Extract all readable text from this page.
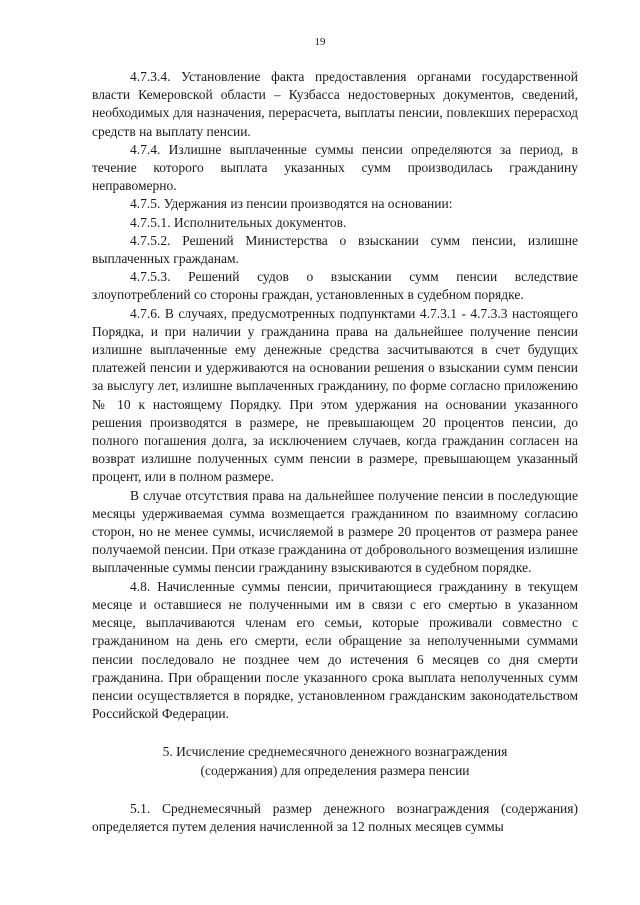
19

4.7.3.4. Установление факта предоставления органами государственной власти Кемеровской области – Кузбасса недостоверных документов, сведений, необходимых для назначения, перерасчета, выплаты пенсии, повлекших перерасход средств на выплату пенсии.

4.7.4. Излишне выплаченные суммы пенсии определяются за период, в течение которого выплата указанных сумм производилась гражданину неправомерно.

4.7.5. Удержания из пенсии производятся на основании:

4.7.5.1. Исполнительных документов.

4.7.5.2. Решений Министерства о взыскании сумм пенсии, излишне выплаченных гражданам.

4.7.5.3. Решений судов о взыскании сумм пенсии вследствие злоупотреблений со стороны граждан, установленных в судебном порядке.

4.7.6. В случаях, предусмотренных подпунктами 4.7.3.1 - 4.7.3.3 настоящего Порядка, и при наличии у гражданина права на дальнейшее получение пенсии излишне выплаченные ему денежные средства засчитываются в счет будущих платежей пенсии и удерживаются на основании решения о взыскании сумм пенсии за выслугу лет, излишне выплаченных гражданину, по форме согласно приложению № 10 к настоящему Порядку. При этом удержания на основании указанного решения производятся в размере, не превышающем 20 процентов пенсии, до полного погашения долга, за исключением случаев, когда гражданин согласен на возврат излишне полученных сумм пенсии в размере, превышающем указанный процент, или в полном размере.

В случае отсутствия права на дальнейшее получение пенсии в последующие месяцы удерживаемая сумма возмещается гражданином по взаимному согласию сторон, но не менее суммы, исчисляемой в размере 20 процентов от размера ранее получаемой пенсии. При отказе гражданина от добровольного возмещения излишне выплаченные суммы пенсии гражданину взыскиваются в судебном порядке.

4.8. Начисленные суммы пенсии, причитающиеся гражданину в текущем месяце и оставшиеся не полученными им в связи с его смертью в указанном месяце, выплачиваются членам его семьи, которые проживали совместно с гражданином на день его смерти, если обращение за неполученными суммами пенсии последовало не позднее чем до истечения 6 месяцев со дня смерти гражданина. При обращении после указанного срока выплата неполученных сумм пенсии осуществляется в порядке, установленном гражданским законодательством Российской Федерации.

5. Исчисление среднемесячного денежного вознаграждения
(содержания) для определения размера пенсии

5.1. Среднемесячный размер денежного вознаграждения (содержания) определяется путем деления начисленной за 12 полных месяцев суммы
